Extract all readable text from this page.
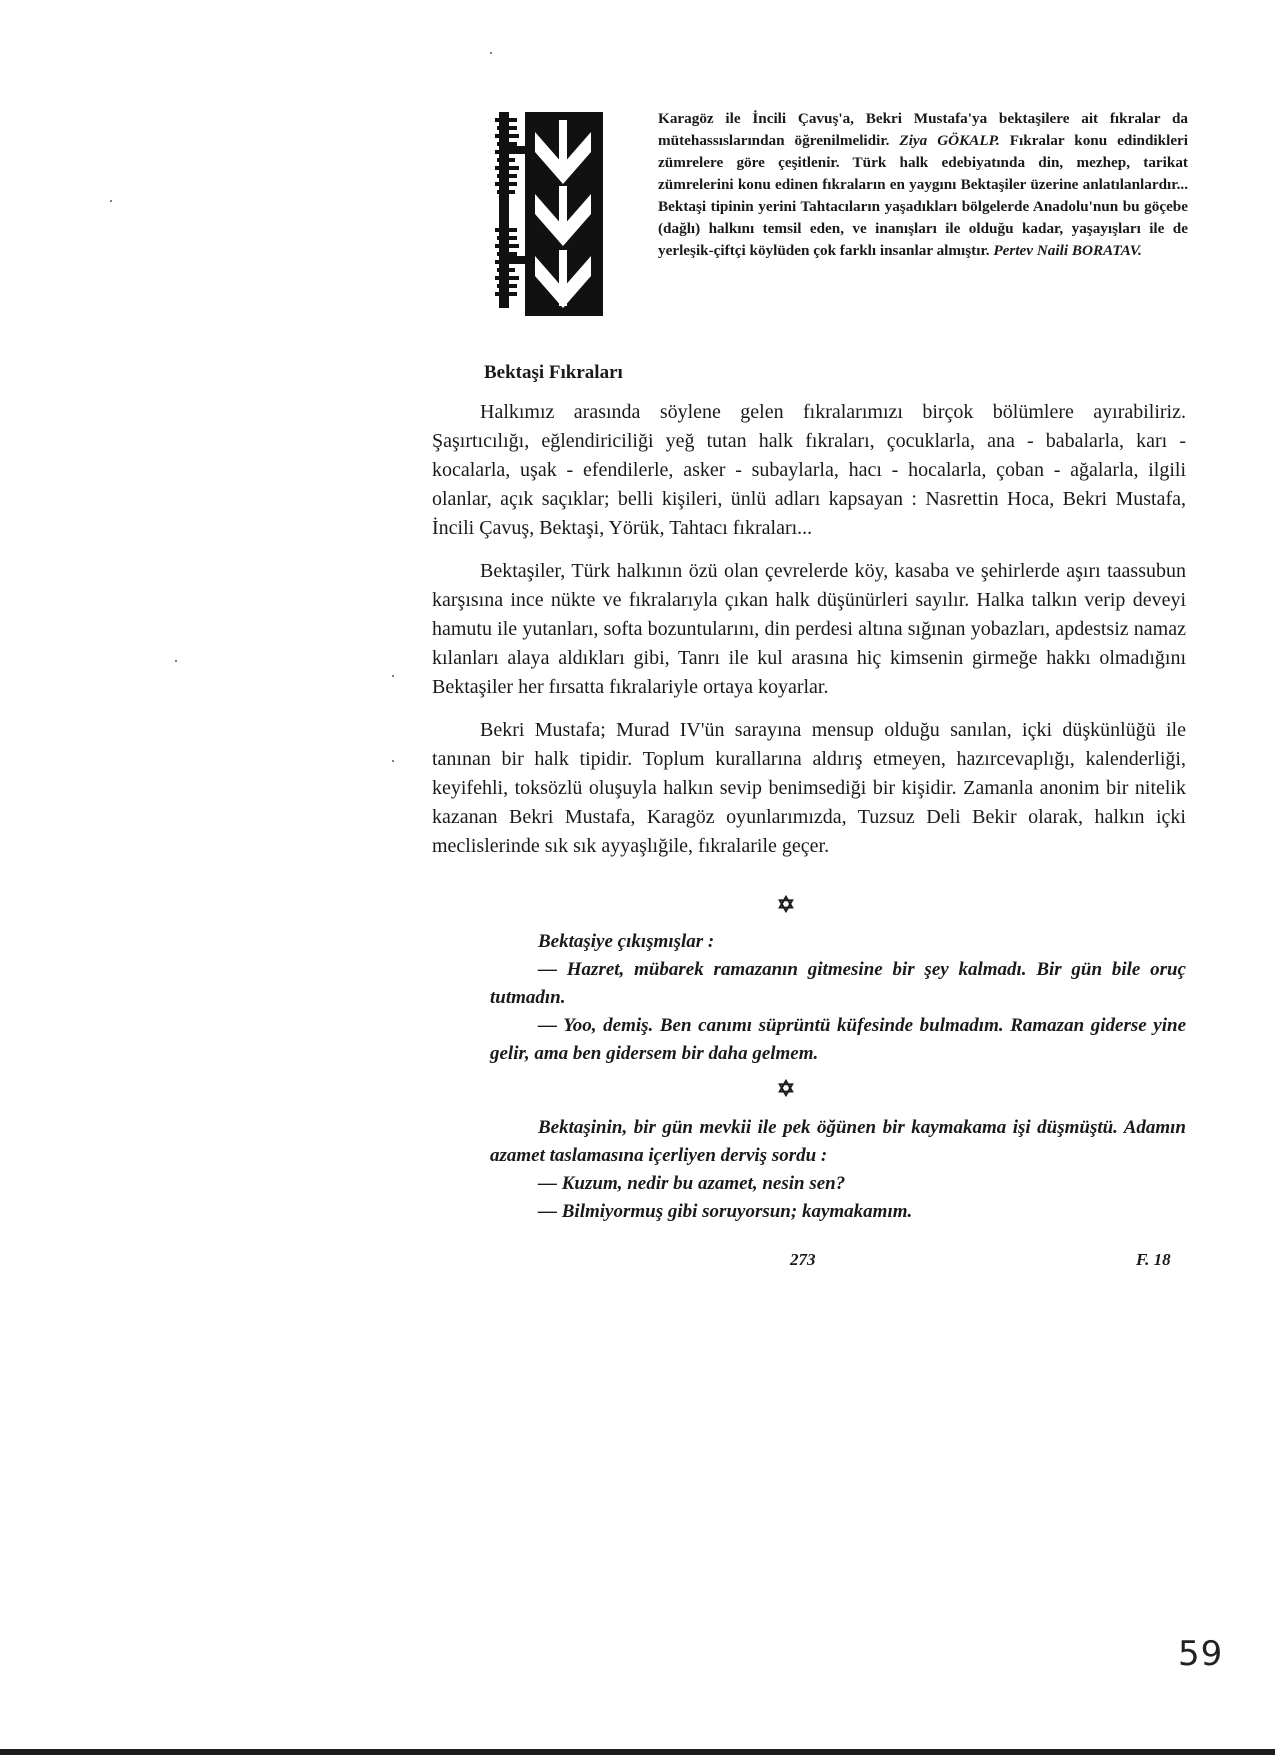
Karagöz ile İncili Çavuş'a, Bekri Mustafa'ya bektaşilere ait fıkralar da mütehassıslarından öğrenilmelidir. Ziya GÖKALP. Fıkralar konu edindikleri zümrelere göre çeşitlenir. Türk halk edebiyatında din, mezhep, tarikat zümrelerini konu edinen fıkraların en yaygını Bektaşiler üzerine anlatılanlardır... Bektaşi tipinin yerini Tahtacıların yaşadıkları bölgelerde Anadolu'nun bu göçebe (dağlı) halkını temsil eden, ve inanışları ile olduğu kadar, yaşayışları ile de yerleşik-çiftçi köylüden çok farklı insanlar almıştır. Pertev Naili BORATAV.

Bektaşi Fıkraları

Halkımız arasında söylene gelen fıkralarımızı birçok bölümlere ayırabiliriz. Şaşırtıcılığı, eğlendiriciliği yeğ tutan halk fıkraları, çocuklarla, ana - babalarla, karı - kocalarla, uşak - efendilerle, asker - subaylarla, hacı - hocalarla, çoban - ağalarla, ilgili olanlar, açık saçıklar; belli kişileri, ünlü adları kapsayan : Nasrettin Hoca, Bekri Mustafa, İncili Çavuş, Bektaşi, Yörük, Tahtacı fıkraları...

Bektaşiler, Türk halkının özü olan çevrelerde köy, kasaba ve şehirlerde aşırı taassubun karşısına ince nükte ve fıkralarıyla çıkan halk düşünürleri sayılır. Halka talkın verip deveyi hamutu ile yutanları, softa bozuntularını, din perdesi altına sığınan yobazları, apdestsiz namaz kılanları alaya aldıkları gibi, Tanrı ile kul arasına hiç kimsenin girmeğe hakkı olmadığını Bektaşiler her fırsatta fıkralariyle ortaya koyarlar.

Bekri Mustafa; Murad IV'ün sarayına mensup olduğu sanılan, içki düşkünlüğü ile tanınan bir halk tipidir. Toplum kurallarına aldırış etmeyen, hazırcevaplığı, kalenderliği, keyifehli, toksözlü oluşuyla halkın sevip benimsediği bir kişidir. Zamanla anonim bir nitelik kazanan Bekri Mustafa, Karagöz oyunlarımızda, Tuzsuz Deli Bekir olarak, halkın içki meclislerinde sık sık ayyaşlığile, fıkralarile geçer.

✡

Bektaşiye çıkışmışlar :

— Hazret, mübarek ramazanın gitmesine bir şey kalmadı. Bir gün bile oruç tutmadın.

— Yoo, demiş. Ben canımı süprüntü küfesinde bulmadım. Ramazan giderse yine gelir, ama ben gidersem bir daha gelmem.

✡

Bektaşinin, bir gün mevkii ile pek öğünen bir kaymakama işi düşmüştü. Adamın azamet taslamasına içerliyen derviş sordu :

— Kuzum, nedir bu azamet, nesin sen?

— Bilmiyormuş gibi soruyorsun; kaymakamım.

273	F. 18
59
